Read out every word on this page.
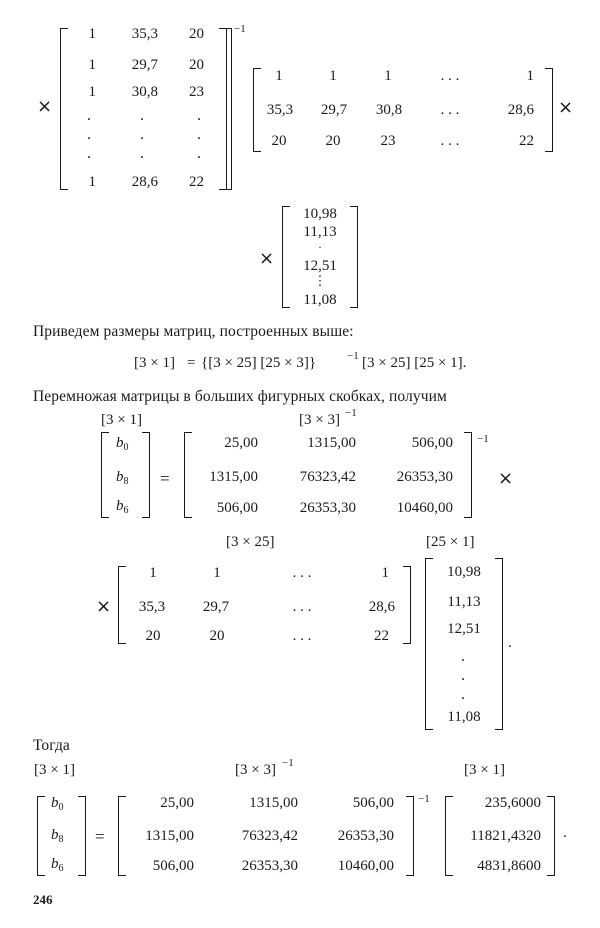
×
−1
1	35,3	20
1	29,7	20
1	30,8	23
.	.	.
.	.	.
.	.	.
1	28,6	22
×
1	1	1	. . .	1
35,3	29,7	30,8	. . .	28,6
20	20	23	. . .	22
×
10,98
11,13
.
12,51
⋮
11,08
Приведем размеры матриц, построенных выше:
[3 × 1] = {[3 × 25] [25 × 3]}	−1 [3 × 25] [25 × 1].
Перемножая матрицы в больших фигурных скобках, получим
[3 × 1]	[3 × 3] −1
$b_0$
$b_8$
$b_6$
=
−1
25,00	1315,00	506,00
1315,00	76323,42	26353,30
506,00	26353,30	10460,00
×
[3 × 25]	[25 × 1]
×
1	1	. . .	1
35,3	29,7	. . .	28,6
20	20	. . .	22
10,98
11,13
12,51
.
.
.
11,08
.
Тогда
[3 × 1]	[3 × 3] −1	[3 × 1]
$b_0$
$b_8$
$b_6$
=
−1
25,00	1315,00	506,00
1315,00	76323,42	26353,30
506,00	26353,30	10460,00
235,6000
11821,4320
4831,8600
.
246
